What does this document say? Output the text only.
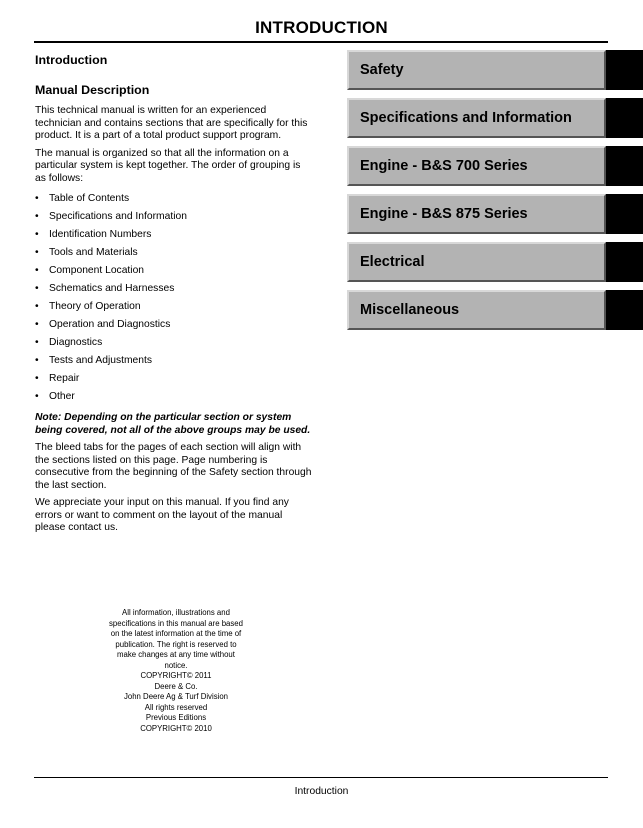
INTRODUCTION
Introduction
Manual Description

This technical manual is written for an experienced technician and contains sections that are specifically for this product. It is a part of a total product support program.

The manual is organized so that all the information on a particular system is kept together. The order of grouping is as follows:

• Table of Contents
• Specifications and Information
• Identification Numbers
• Tools and Materials
• Component Location
• Schematics and Harnesses
• Theory of Operation
• Operation and Diagnostics
• Diagnostics
• Tests and Adjustments
• Repair
• Other

Note: Depending on the particular section or system being covered, not all of the above groups may be used.

The bleed tabs for the pages of each section will align with the sections listed on this page. Page numbering is consecutive from the beginning of the Safety section through the last section.

We appreciate your input on this manual. If you find any errors or want to comment on the layout of the manual please contact us.

All information, illustrations and
specifications in this manual are based
on the latest information at the time of
publication. The right is reserved to
make changes at any time without
notice.
COPYRIGHT© 2011
Deere & Co.
John Deere Ag & Turf Division
All rights reserved
Previous Editions
COPYRIGHT© 2010
Safety
Specifications and Information
Engine - B&S 700 Series
Engine - B&S 875 Series
Electrical
Miscellaneous
Introduction
